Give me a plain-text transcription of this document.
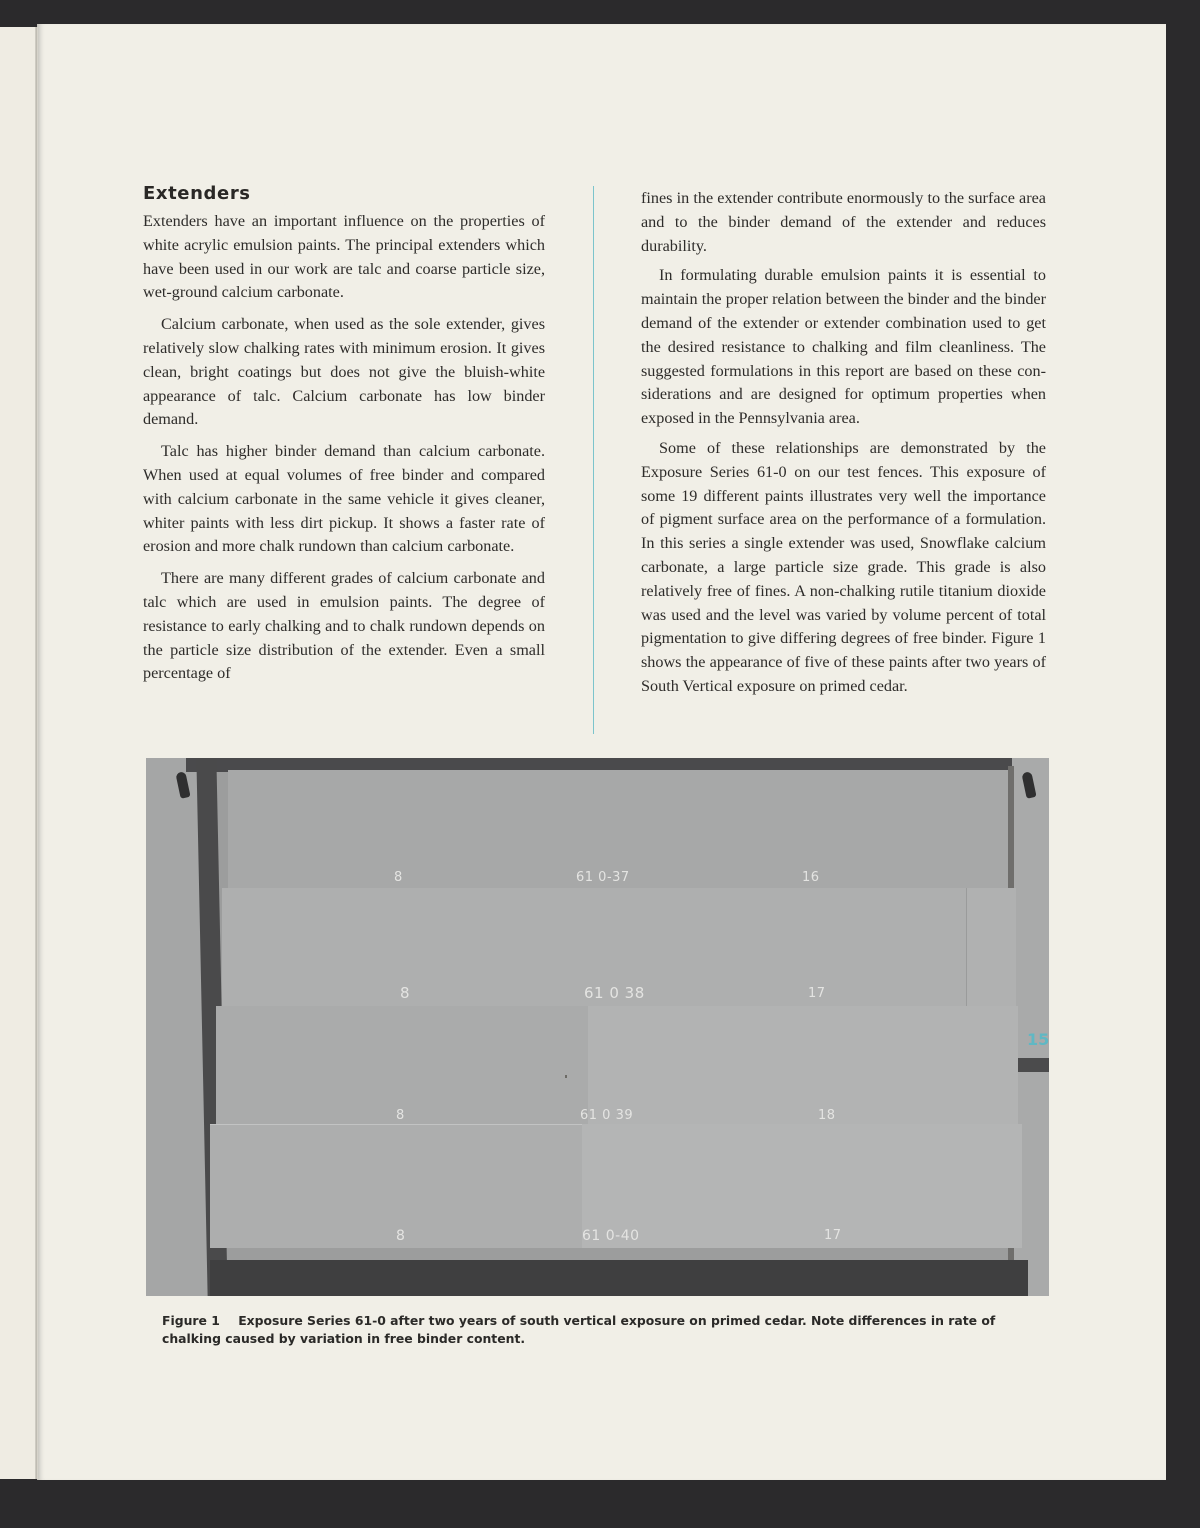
Extenders

Extenders have an important influence on the properties of white acrylic emulsion paints. The principal extenders which have been used in our work are talc and coarse particle size, wet-ground calcium carbonate.

Calcium carbonate, when used as the sole extender, gives relatively slow chalking rates with minimum erosion. It gives clean, bright coatings but does not give the bluish-white appearance of talc. Calcium carbonate has low binder demand.

Talc has higher binder demand than calcium carbonate. When used at equal volumes of free binder and compared with calcium carbonate in the same vehicle it gives cleaner, whiter paints with less dirt pickup. It shows a faster rate of erosion and more chalk rundown than calcium carbonate.

There are many different grades of calcium carbonate and talc which are used in emulsion paints. The degree of resistance to early chalking and to chalk rundown depends on the particle size distribution of the extender. Even a small percentage of

fines in the extender contribute enormously to the surface area and to the binder demand of the extender and reduces durability.

In formulating durable emulsion paints it is essential to maintain the proper relation between the binder and the binder demand of the extender or extender combination used to get the desired resistance to chalking and film cleanliness. The suggested formulations in this report are based on these considerations and are designed for optimum properties when exposed in the Pennsylvania area.

Some of these relationships are demonstrated by the Exposure Series 61-0 on our test fences. This exposure of some 19 different paints illustrates very well the importance of pigment surface area on the performance of a formulation. In this series a single extender was used, Snowflake calcium carbonate, a large particle size grade. This grade is also relatively free of fines. A non-chalking rutile titanium dioxide was used and the level was varied by volume percent of total pigmentation to give differing degrees of free binder. Figure 1 shows the appearance of five of these paints after two years of South Vertical exposure on primed cedar.

8	61 0-37	16
8	61 0 38	17
8	61 0 39	18
8	61 0-40	17
Figure 1 Exposure Series 61-0 after two years of south vertical exposure on primed cedar. Note differences in rate of chalking caused by variation in free binder content.
15
